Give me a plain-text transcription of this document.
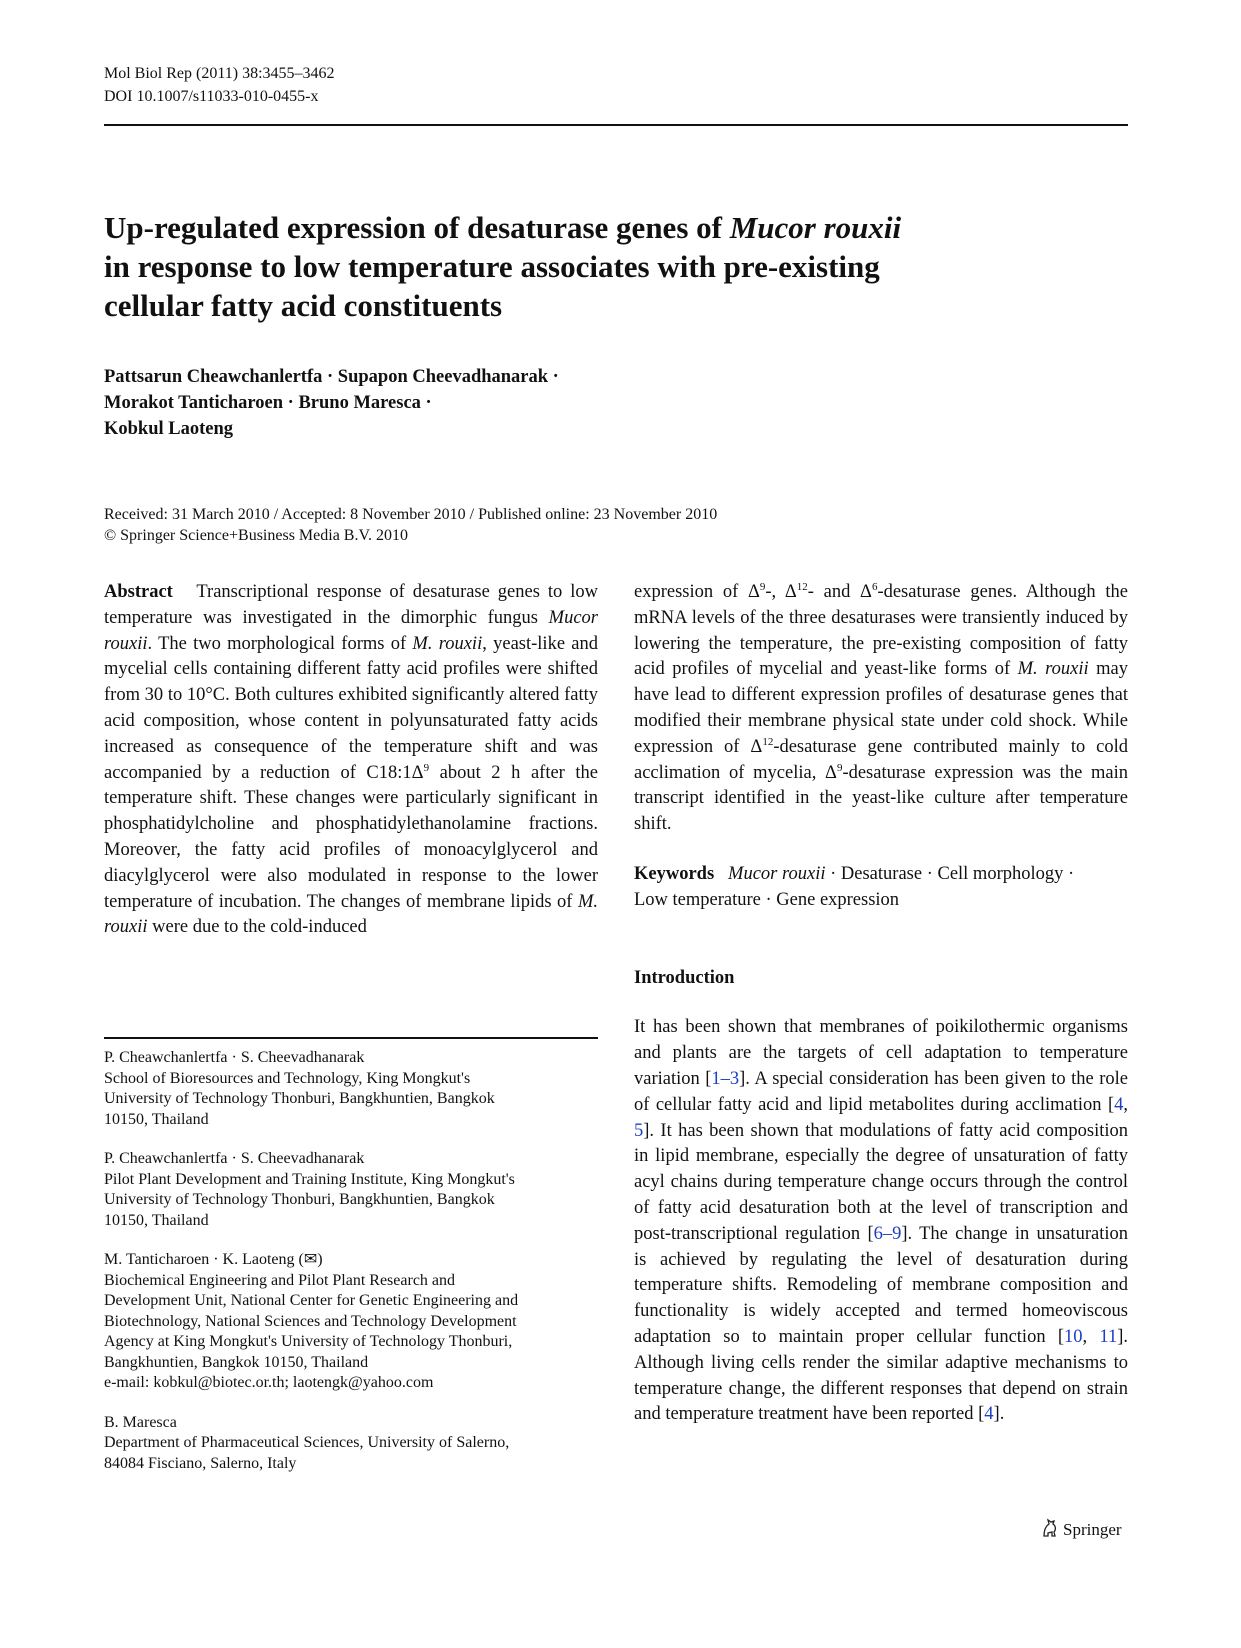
Mol Biol Rep (2011) 38:3455–3462
DOI 10.1007/s11033-010-0455-x
Up-regulated expression of desaturase genes of Mucor rouxii
in response to low temperature associates with pre-existing
cellular fatty acid constituents
Pattsarun Cheawchanlertfa · Supapon Cheevadhanarak ·
Morakot Tanticharoen · Bruno Maresca ·
Kobkul Laoteng
Received: 31 March 2010 / Accepted: 8 November 2010 / Published online: 23 November 2010
© Springer Science+Business Media B.V. 2010
Abstract Transcriptional response of desaturase genes to low temperature was investigated in the dimorphic fungus Mucor rouxii. The two morphological forms of M. rouxii, yeast-like and mycelial cells containing different fatty acid profiles were shifted from 30 to 10°C. Both cultures exhibited significantly altered fatty acid composition, whose content in polyunsaturated fatty acids increased as consequence of the temperature shift and was accompanied by a reduction of $C18:1\Delta^9$ about 2 h after the temperature shift. These changes were particularly significant in phosphatidylcholine and phosphatidylethanolamine fractions. Moreover, the fatty acid profiles of monoacylglycerol and diacylglycerol were also modulated in response to the lower temperature of incubation. The changes of membrane lipids of M. rouxii were due to the cold-induced
expression of $\Delta^9-$, $\Delta^{12}-$ and $\Delta^6$-desaturase genes. Although the mRNA levels of the three desaturases were transiently induced by lowering the temperature, the pre-existing composition of fatty acid profiles of mycelial and yeast-like forms of M. rouxii may have lead to different expression profiles of desaturase genes that modified their membrane physical state under cold shock. While expression of $\Delta^{12}$-desaturase gene contributed mainly to cold acclimation of mycelia, $\Delta^9$-desaturase expression was the main transcript identified in the yeast-like culture after temperature shift.
Keywords Mucor rouxii · Desaturase · Cell morphology ·
Low temperature · Gene expression
Introduction
It has been shown that membranes of poikilothermic organisms and plants are the targets of cell adaptation to temperature variation [1–3]. A special consideration has been given to the role of cellular fatty acid and lipid metabolites during acclimation [4, 5]. It has been shown that modulations of fatty acid composition in lipid membrane, especially the degree of unsaturation of fatty acyl chains during temperature change occurs through the control of fatty acid desaturation both at the level of transcription and post-transcriptional regulation [6–9]. The change in unsaturation is achieved by regulating the level of desaturation during temperature shifts. Remodeling of membrane composition and functionality is widely accepted and termed homeoviscous adaptation so to maintain proper cellular function [10, 11]. Although living cells render the similar adaptive mechanisms to temperature change, the different responses that depend on strain and temperature treatment have been reported [4].
P. Cheawchanlertfa · S. Cheevadhanarak
School of Bioresources and Technology, King Mongkut's
University of Technology Thonburi, Bangkhuntien, Bangkok
10150, Thailand
P. Cheawchanlertfa · S. Cheevadhanarak
Pilot Plant Development and Training Institute, King Mongkut's
University of Technology Thonburi, Bangkhuntien, Bangkok
10150, Thailand
M. Tanticharoen · K. Laoteng (✉)
Biochemical Engineering and Pilot Plant Research and
Development Unit, National Center for Genetic Engineering and
Biotechnology, National Sciences and Technology Development
Agency at King Mongkut's University of Technology Thonburi,
Bangkhuntien, Bangkok 10150, Thailand
e-mail: kobkul@biotec.or.th; laotengk@yahoo.com
B. Maresca
Department of Pharmaceutical Sciences, University of Salerno,
84084 Fisciano, Salerno, Italy
Springer
